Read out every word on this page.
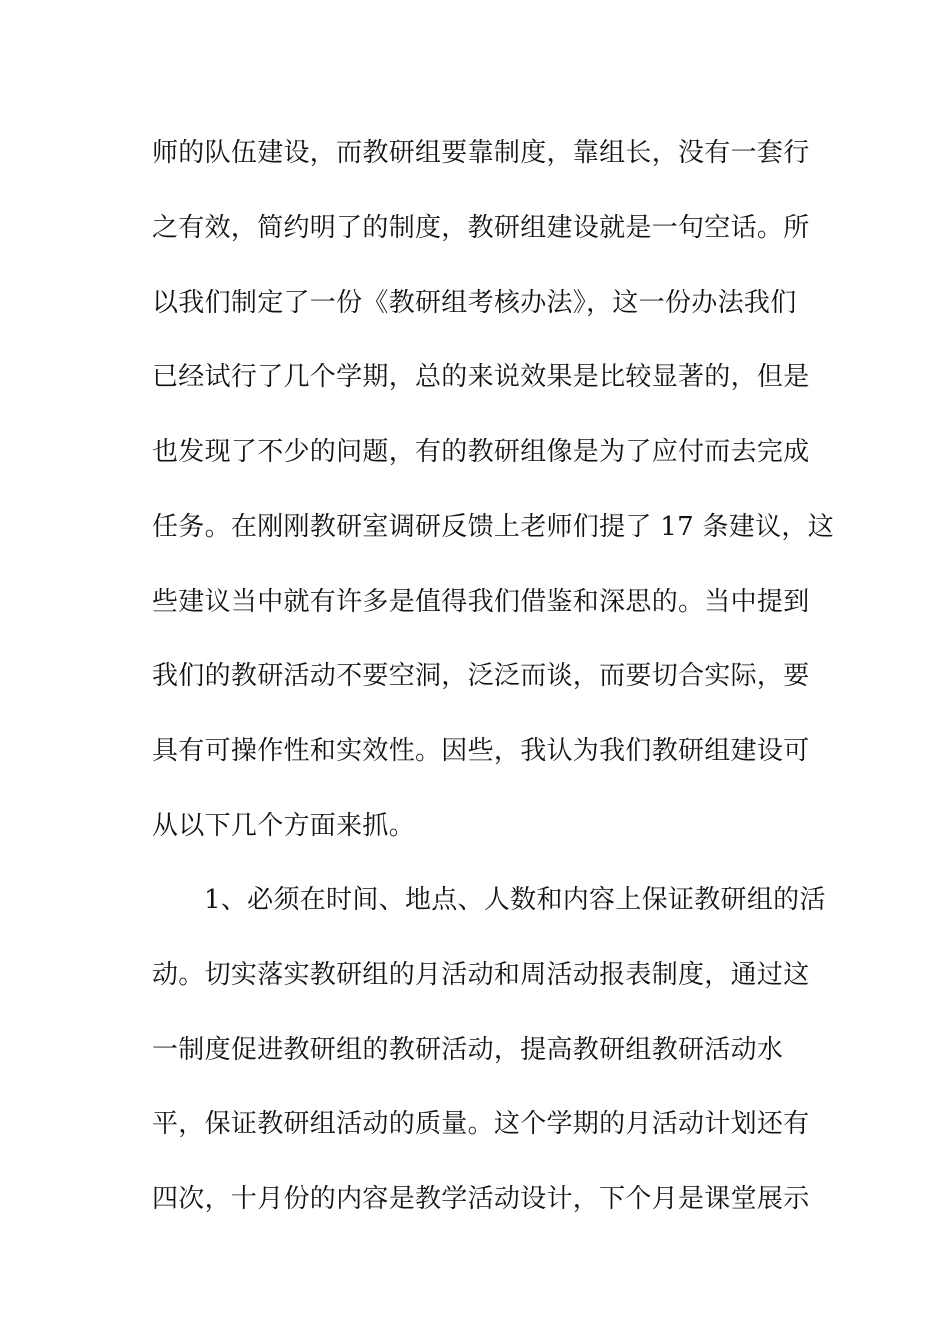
师的队伍建设，而教研组要靠制度，靠组长，没有一套行
之有效，简约明了的制度，教研组建设就是一句空话。所
以我们制定了一份《教研组考核办法》，这一份办法我们
已经试行了几个学期，总的来说效果是比较显著的，但是
也发现了不少的问题，有的教研组像是为了应付而去完成
任务。在刚刚教研室调研反馈上老师们提了 17 条建议，这
些建议当中就有许多是值得我们借鉴和深思的。当中提到
我们的教研活动不要空洞，泛泛而谈，而要切合实际，要
具有可操作性和实效性。因些，我认为我们教研组建设可
从以下几个方面来抓。
1、必须在时间、地点、人数和内容上保证教研组的活
动。切实落实教研组的月活动和周活动报表制度，通过这
一制度促进教研组的教研活动，提高教研组教研活动水
平，保证教研组活动的质量。这个学期的月活动计划还有
四次，十月份的内容是教学活动设计，下个月是课堂展示
